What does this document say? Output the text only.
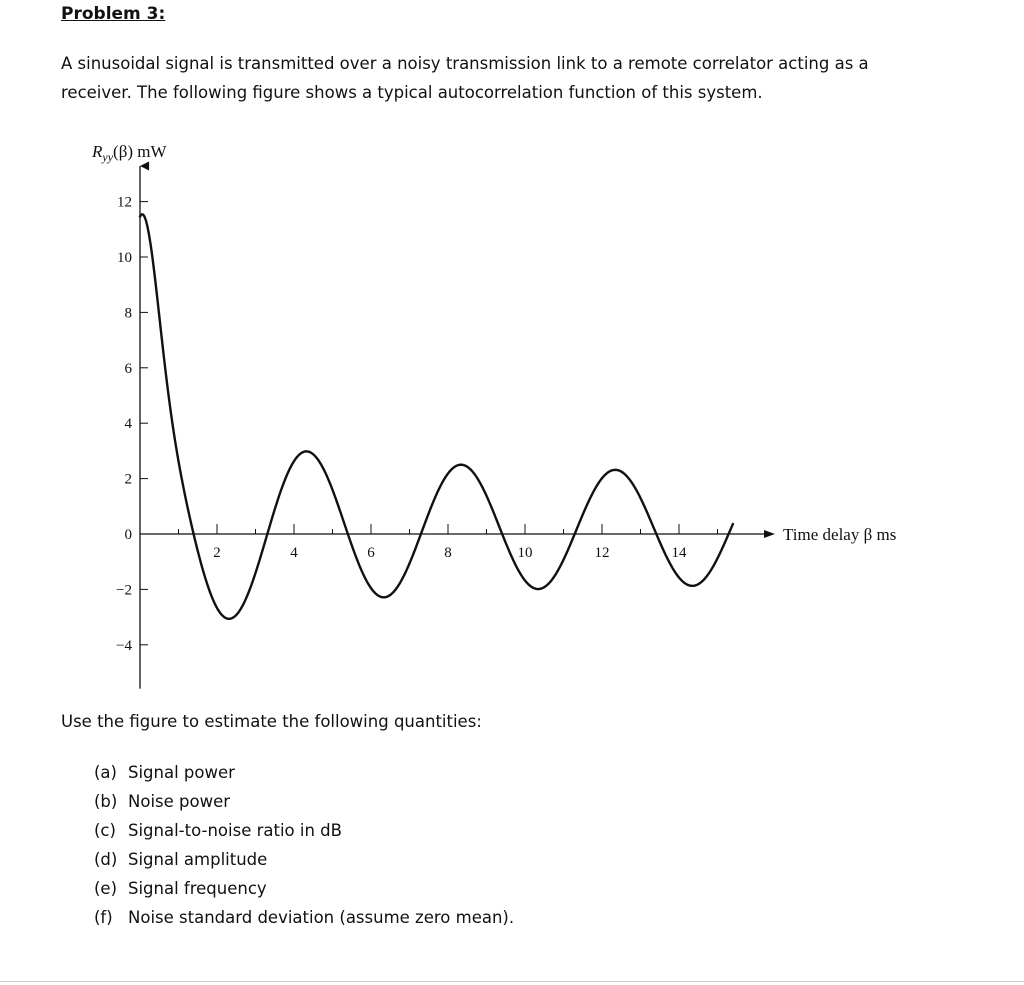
Problem 3:
A sinusoidal signal is transmitted over a noisy transmission link to a remote correlator acting as a
receiver. The following figure shows a typical autocorrelation function of this system.
12
10
8
6
4
2
0
−2
−4
2	4	6	8	10	12	14
$R_{yy}(\beta)$ mW
Time delay β ms
Use the figure to estimate the following quantities:
(a) Signal power
(b) Noise power
(c) Signal-to-noise ratio in dB
(d) Signal amplitude
(e) Signal frequency
(f) Noise standard deviation (assume zero mean).
